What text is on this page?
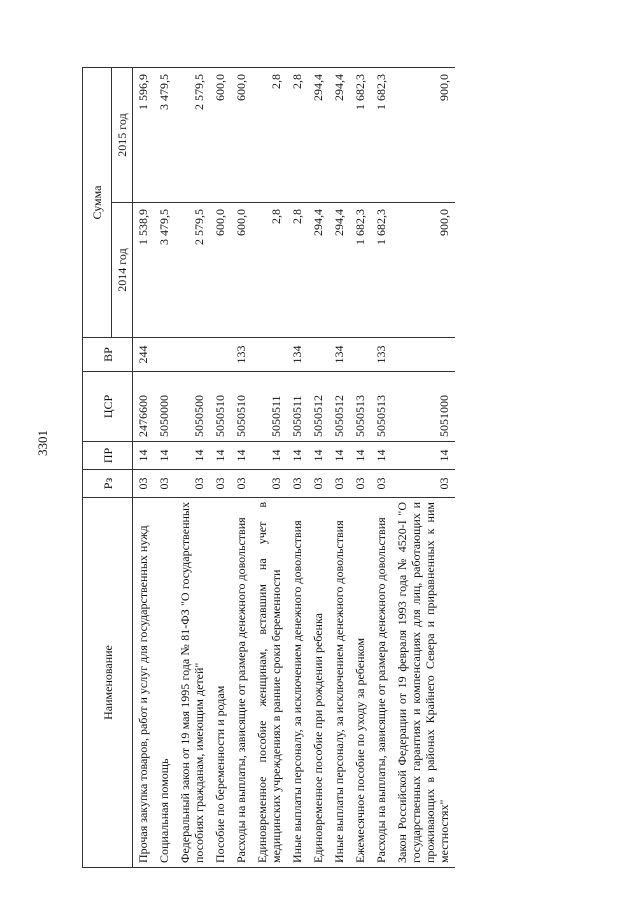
3301
Наименование	Рз	ПР	ЦСР	ВР	Сумма	
					2014 год	2015 год
Прочая закупка товаров, работ и услуг для государственных нужд	03	14	2476600	244	1 538,9	1 596,9
Социальная помощь	03	14	5050000		3 479,5	3 479,5
Федеральный закон от 19 мая 1995 года № 81-ФЗ "О государственных пособиях гражданам, имеющим детей"	03	14	5050500		2 579,5	2 579,5
Пособие по беременности и родам	03	14	5050510		600,0	600,0
Расходы на выплаты, зависящие от размера денежного довольствия	03	14	5050510	133	600,0	600,0
Единовременное пособие женщинам, вставшим на учет в медицинских учреждениях в ранние сроки беременности	03	14	5050511		2,8	2,8
Иные выплаты персоналу, за исключением денежного довольствия	03	14	5050511	134	2,8	2,8
Единовременное пособие при рождении ребенка	03	14	5050512		294,4	294,4
Иные выплаты персоналу, за исключением денежного довольствия	03	14	5050512	134	294,4	294,4
Ежемесячное пособие по уходу за ребенком	03	14	5050513		1 682,3	1 682,3
Расходы на выплаты, зависящие от размера денежного довольствия	03	14	5050513	133	1 682,3	1 682,3
Закон Российской Федерации от 19 февраля 1993 года № 4520-I "О государственных гарантиях и компенсациях для лиц, работающих и проживающих в районах Крайнего Севера и приравненных к ним местностях"	03	14	5051000		900,0	900,0
